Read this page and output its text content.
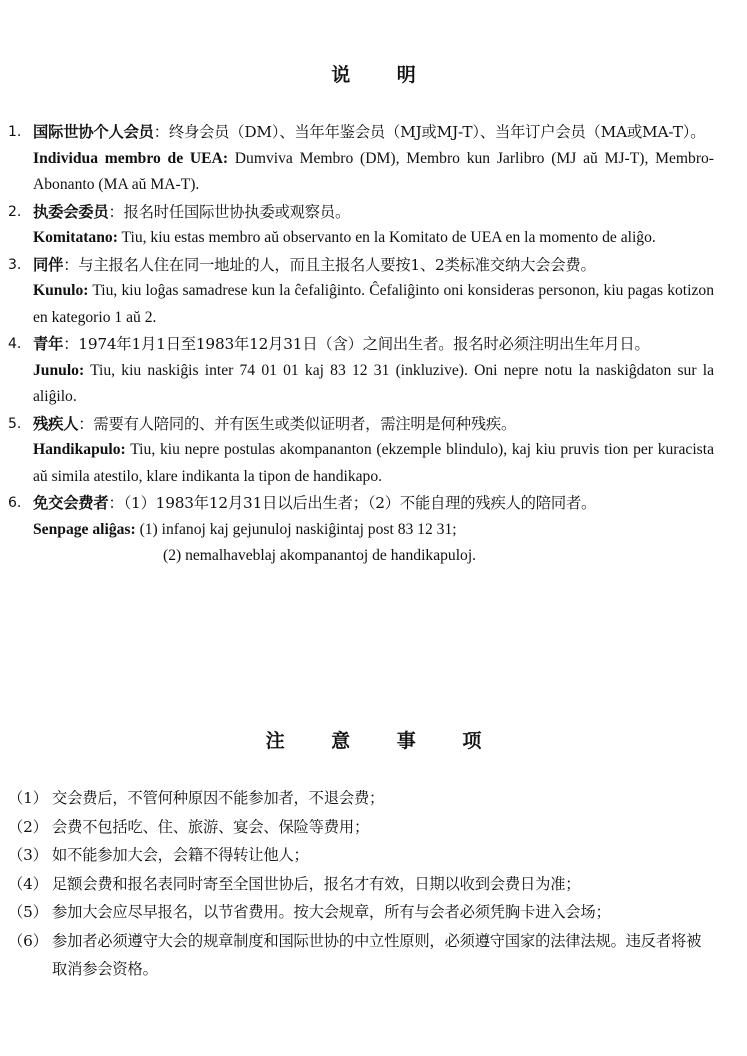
说 明
1. 国际世协个人会员：终身会员（DM）、当年年鉴会员（MJ或MJ-T）、当年订户会员（MA或MA-T）。
Individua membro de UEA: Dumviva Membro (DM), Membro kun Jarlibro (MJ aŭ MJ-T), Membro-Abonanto (MA aŭ MA-T).
2. 执委会委员：报名时任国际世协执委或观察员。
Komitatano: Tiu, kiu estas membro aŭ observanto en la Komitato de UEA en la momento de aliĝo.
3. 同伴：与主报名人住在同一地址的人，而且主报名人要按1、2类标准交纳大会会费。
Kunulo: Tiu, kiu loĝas samadrese kun la ĉefaliĝinto. Ĉefaliĝinto oni konsideras personon, kiu pagas kotizon en kategorio 1 aŭ 2.
4. 青年：1974年1月1日至1983年12月31日（含）之间出生者。报名时必须注明出生年月日。
Junulo: Tiu, kiu naskiĝis inter 74 01 01 kaj 83 12 31 (inkluzive). Oni nepre notu la naskiĝdaton sur la aliĝilo.
5. 残疾人：需要有人陪同的、并有医生或类似证明者，需注明是何种残疾。
Handikapulo: Tiu, kiu nepre postulas akompananton (ekzemple blindulo), kaj kiu pruvis tion per kuracista aŭ simila atestilo, klare indikanta la tipon de handikapo.
6. 免交会费者：（1）1983年12月31日以后出生者；（2）不能自理的残疾人的陪同者。
Senpage aliĝas: (1) infanoj kaj gejunuloj naskiĝintaj post 83 12 31;
(2) nemalhaveblaj akompanantoj de handikapuloj.
注 意 事 项
（1） 交会费后，不管何种原因不能参加者，不退会费；
（2） 会费不包括吃、住、旅游、宴会、保险等费用；
（3） 如不能参加大会，会籍不得转让他人；
（4） 足额会费和报名表同时寄至全国世协后，报名才有效，日期以收到会费日为准；
（5） 参加大会应尽早报名，以节省费用。按大会规章，所有与会者必须凭胸卡进入会场；
（6） 参加者必须遵守大会的规章制度和国际世协的中立性原则，必须遵守国家的法律法规。违反者将被取消参会资格。
